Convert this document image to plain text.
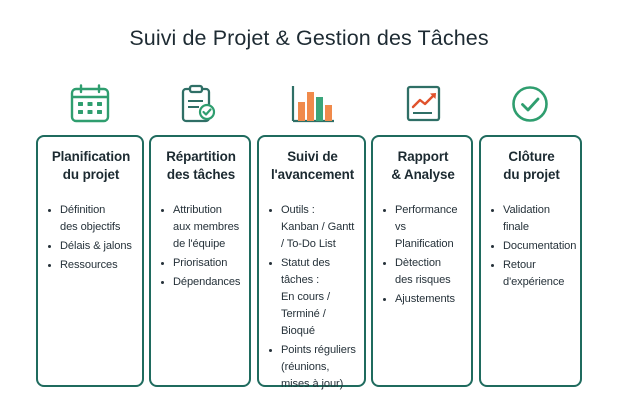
Suivi de Projet & Gestion des Tâches
Planification
du projet
Définition
des objectifs
Délais & jalons
Ressources
Répartition
des tâches
Attribution
aux membres
de l'équipe
Priorisation
Dépendances
Suivi de
l'avancement
Outils :
Kanban / Gantt
/ To-Do List
Statut des
tâches :
En cours /
Terminé /
Bioqué
Points réguliers
(réunions,
mises à jour)
Rapport
& Analyse
Performance
vs Planification
Dètection
des risques
Ajustements
Clôture
du projet
Validation
finale
Documentation
Retour
d'expérience
